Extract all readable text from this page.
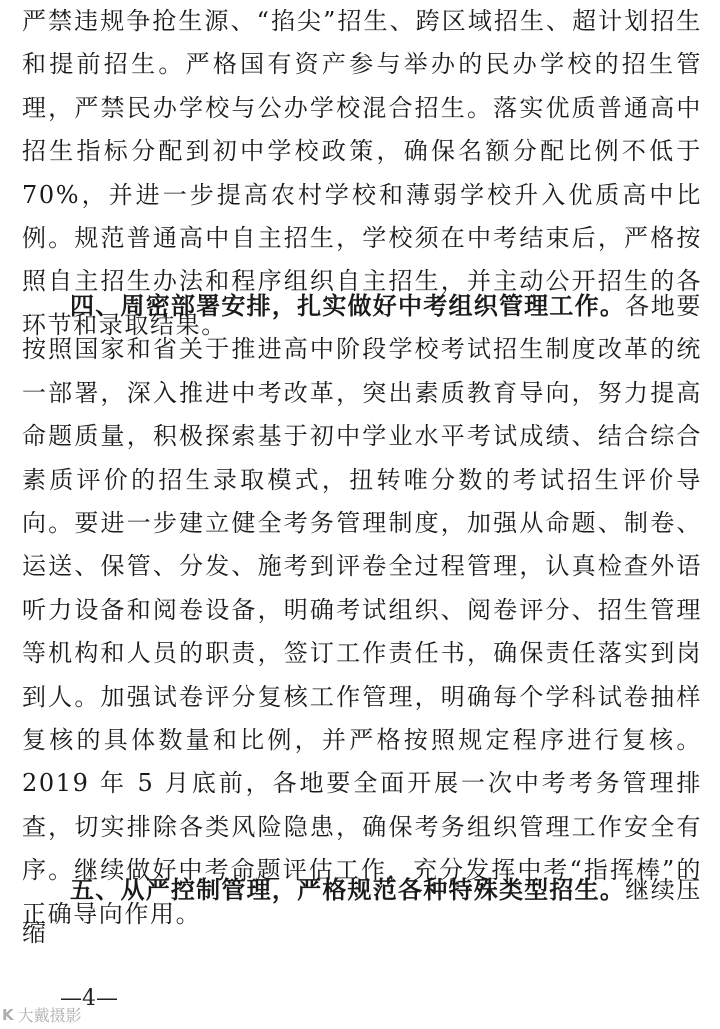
严禁违规争抢生源、“掐尖”招生、跨区域招生、超计划招生和提前招生。严格国有资产参与举办的民办学校的招生管理，严禁民办学校与公办学校混合招生。落实优质普通高中招生指标分配到初中学校政策，确保名额分配比例不低于70%，并进一步提高农村学校和薄弱学校升入优质高中比例。规范普通高中自主招生，学校须在中考结束后，严格按照自主招生办法和程序组织自主招生，并主动公开招生的各环节和录取结果。

四、周密部署安排，扎实做好中考组织管理工作。各地要按照国家和省关于推进高中阶段学校考试招生制度改革的统一部署，深入推进中考改革，突出素质教育导向，努力提高命题质量，积极探索基于初中学业水平考试成绩、结合综合素质评价的招生录取模式，扭转唯分数的考试招生评价导向。要进一步建立健全考务管理制度，加强从命题、制卷、运送、保管、分发、施考到评卷全过程管理，认真检查外语听力设备和阅卷设备，明确考试组织、阅卷评分、招生管理等机构和人员的职责，签订工作责任书，确保责任落实到岗到人。加强试卷评分复核工作管理，明确每个学科试卷抽样复核的具体数量和比例，并严格按照规定程序进行复核。2019 年 5 月底前，各地要全面开展一次中考考务管理排查，切实排除各类风险隐患，确保考务组织管理工作安全有序。继续做好中考命题评估工作，充分发挥中考“指挥棒”的正确导向作用。

五、从严控制管理，严格规范各种特殊类型招生。继续压缩

—4—
K 大戴摄影
